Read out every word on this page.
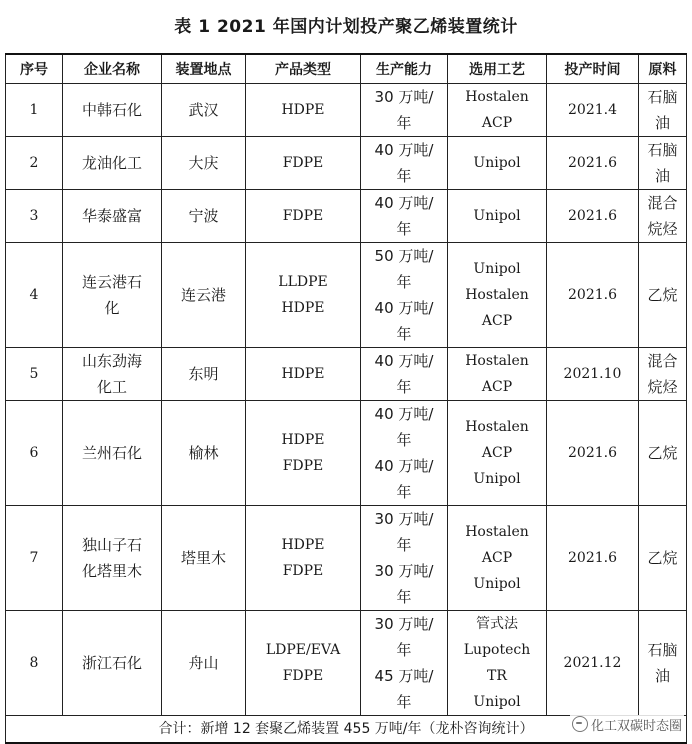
表 1 2021 年国内计划投产聚乙烯装置统计
序号	企业名称	装置地点	产品类型	生产能力	选用工艺	投产时间	原料
1	中韩石化	武汉	HDPE	30 万吨/
年	Hostalen
ACP	2021.4	石脑
油

2	龙油化工	大庆	FDPE	40 万吨/
年	Unipol	2021.6	石脑
油

3	华泰盛富	宁波	FDPE	40 万吨/
年	Unipol	2021.6	混合
烷烃

4	连云港石
化	连云港	LLDPE
HDPE	50 万吨/
年
40 万吨/
年	Unipol
Hostalen
ACP	2021.6	乙烷

5	山东劲海
化工	东明	HDPE	40 万吨/
年	Hostalen
ACP	2021.10	混合
烷烃

6	兰州石化	榆林	HDPE
FDPE	40 万吨/
年
40 万吨/
年	Hostalen
ACP
Unipol	2021.6	乙烷

7	独山子石
化塔里木	塔里木	HDPE
FDPE	30 万吨/
年
30 万吨/
年	Hostalen
ACP
Unipol	2021.6	乙烷

8	浙江石化	舟山	LDPE/EVA
FDPE	30 万吨/
年
45 万吨/
年	管式法
Lupotech
TR
Unipol	2021.12	石脑
油

合计：新增 12 套聚乙烯装置 455 万吨/年（龙朴咨询统计）								化工双碳时态圈
